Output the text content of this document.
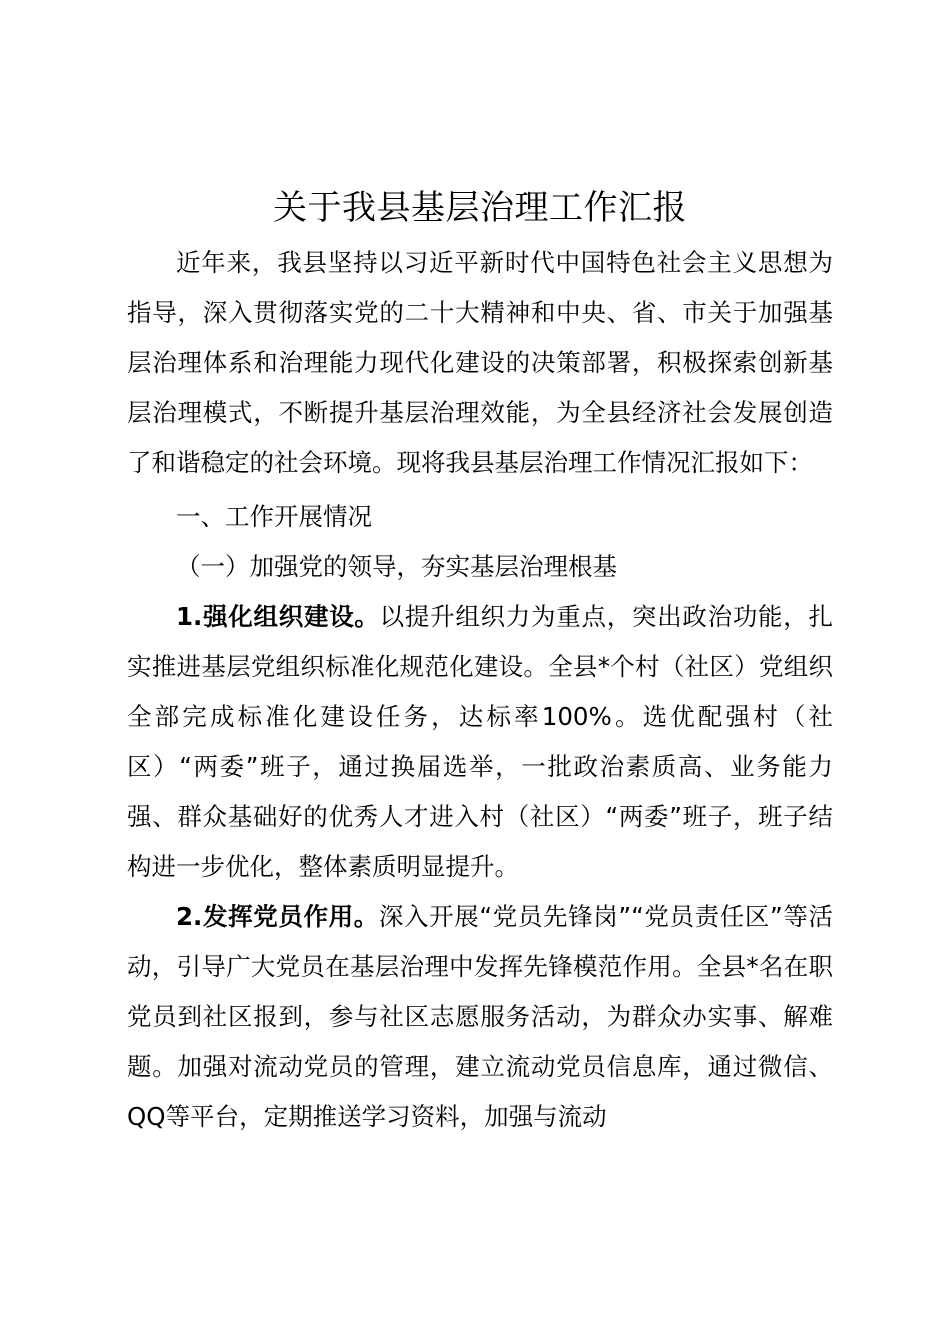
关于我县基层治理工作汇报

近年来，我县坚持以习近平新时代中国特色社会主义思想为指导，深入贯彻落实党的二十大精神和中央、省、市关于加强基层治理体系和治理能力现代化建设的决策部署，积极探索创新基层治理模式，不断提升基层治理效能，为全县经济社会发展创造了和谐稳定的社会环境。现将我县基层治理工作情况汇报如下：

一、工作开展情况

（一）加强党的领导，夯实基层治理根基

1.强化组织建设。以提升组织力为重点，突出政治功能，扎实推进基层党组织标准化规范化建设。全县*个村（社区）党组织全部完成标准化建设任务，达标率100%。选优配强村（社区）“两委”班子，通过换届选举，一批政治素质高、业务能力强、群众基础好的优秀人才进入村（社区）“两委”班子，班子结构进一步优化，整体素质明显提升。

2.发挥党员作用。深入开展“党员先锋岗”“党员责任区”等活动，引导广大党员在基层治理中发挥先锋模范作用。全县*名在职党员到社区报到，参与社区志愿服务活动，为群众办实事、解难题。加强对流动党员的管理，建立流动党员信息库，通过微信、QQ等平台，定期推送学习资料，加强与流动
